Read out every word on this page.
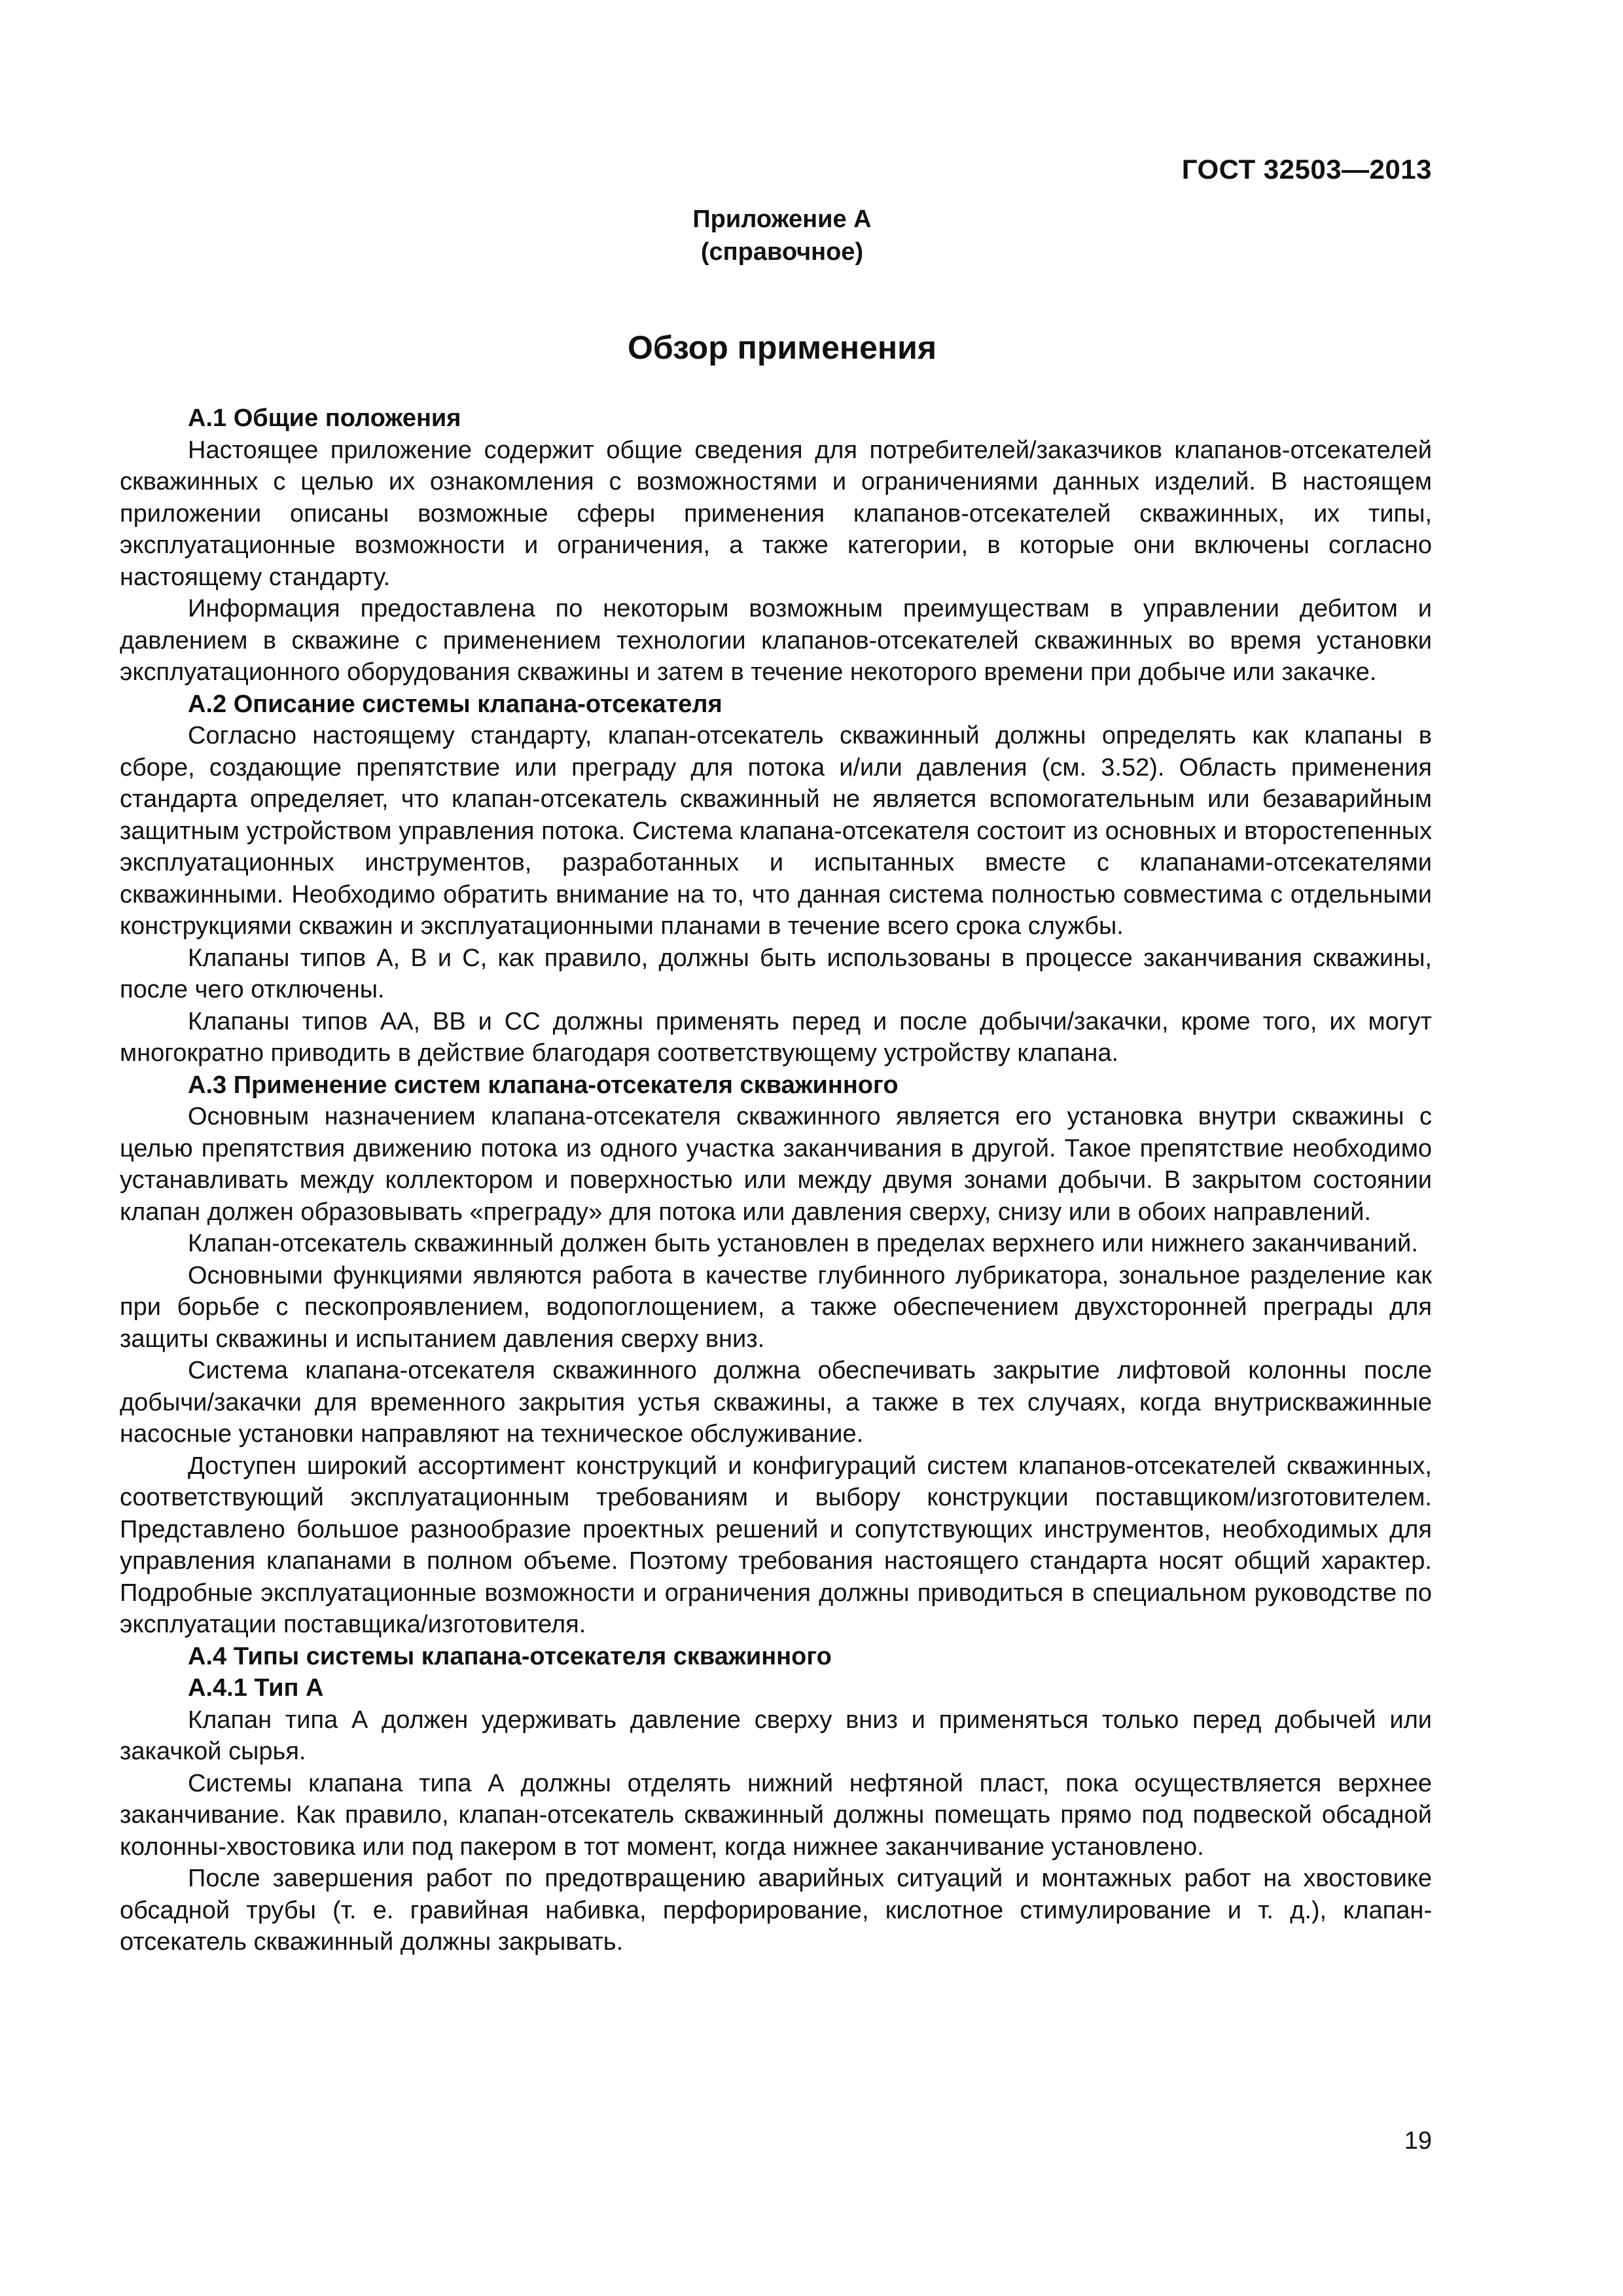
ГОСТ 32503—2013
Приложение А
(справочное)
Обзор применения
А.1 Общие положения

Настоящее приложение содержит общие сведения для потребителей/заказчиков клапанов-отсекателей скважинных с целью их ознакомления с возможностями и ограничениями данных изделий. В настоящем приложении описаны возможные сферы применения клапанов-отсекателей скважинных, их типы, эксплуатационные возможности и ограничения, а также категории, в которые они включены согласно настоящему стандарту.

Информация предоставлена по некоторым возможным преимуществам в управлении дебитом и давлением в скважине с применением технологии клапанов-отсекателей скважинных во время установки эксплуатационного оборудования скважины и затем в течение некоторого времени при добыче или закачке.

А.2 Описание системы клапана-отсекателя

Согласно настоящему стандарту, клапан-отсекатель скважинный должны определять как клапаны в сборе, создающие препятствие или преграду для потока и/или давления (см. 3.52). Область применения стандарта определяет, что клапан-отсекатель скважинный не является вспомогательным или безаварийным защитным устройством управления потока. Система клапана-отсекателя состоит из основных и второстепенных эксплуатационных инструментов, разработанных и испытанных вместе с клапанами-отсекателями скважинными. Необходимо обратить внимание на то, что данная система полностью совместима с отдельными конструкциями скважин и эксплуатационными планами в течение всего срока службы.

Клапаны типов А, В и С, как правило, должны быть использованы в процессе заканчивания скважины, после чего отключены.

Клапаны типов АА, ВВ и СС должны применять перед и после добычи/закачки, кроме того, их могут многократно приводить в действие благодаря соответствующему устройству клапана.

А.3 Применение систем клапана-отсекателя скважинного

Основным назначением клапана-отсекателя скважинного является его установка внутри скважины с целью препятствия движению потока из одного участка заканчивания в другой. Такое препятствие необходимо устанавливать между коллектором и поверхностью или между двумя зонами добычи. В закрытом состоянии клапан должен образовывать «преграду» для потока или давления сверху, снизу или в обоих направлений.

Клапан-отсекатель скважинный должен быть установлен в пределах верхнего или нижнего заканчиваний.

Основными функциями являются работа в качестве глубинного лубрикатора, зональное разделение как при борьбе с пескопроявлением, водопоглощением, а также обеспечением двухсторонней преграды для защиты скважины и испытанием давления сверху вниз.

Система клапана-отсекателя скважинного должна обеспечивать закрытие лифтовой колонны после добычи/закачки для временного закрытия устья скважины, а также в тех случаях, когда внутрискважинные насосные установки направляют на техническое обслуживание.

Доступен широкий ассортимент конструкций и конфигураций систем клапанов-отсекателей скважинных, соответствующий эксплуатационным требованиям и выбору конструкции поставщиком/изготовителем. Представлено большое разнообразие проектных решений и сопутствующих инструментов, необходимых для управления клапанами в полном объеме. Поэтому требования настоящего стандарта носят общий характер. Подробные эксплуатационные возможности и ограничения должны приводиться в специальном руководстве по эксплуатации поставщика/изготовителя.

А.4 Типы системы клапана-отсекателя скважинного
А.4.1 Тип А

Клапан типа А должен удерживать давление сверху вниз и применяться только перед добычей или закачкой сырья.

Системы клапана типа А должны отделять нижний нефтяной пласт, пока осуществляется верхнее заканчивание. Как правило, клапан-отсекатель скважинный должны помещать прямо под подвеской обсадной колонны-хвостовика или под пакером в тот момент, когда нижнее заканчивание установлено.

После завершения работ по предотвращению аварийных ситуаций и монтажных работ на хвостовике обсадной трубы (т. е. гравийная набивка, перфорирование, кислотное стимулирование и т. д.), клапан-отсекатель скважинный должны закрывать.

19
